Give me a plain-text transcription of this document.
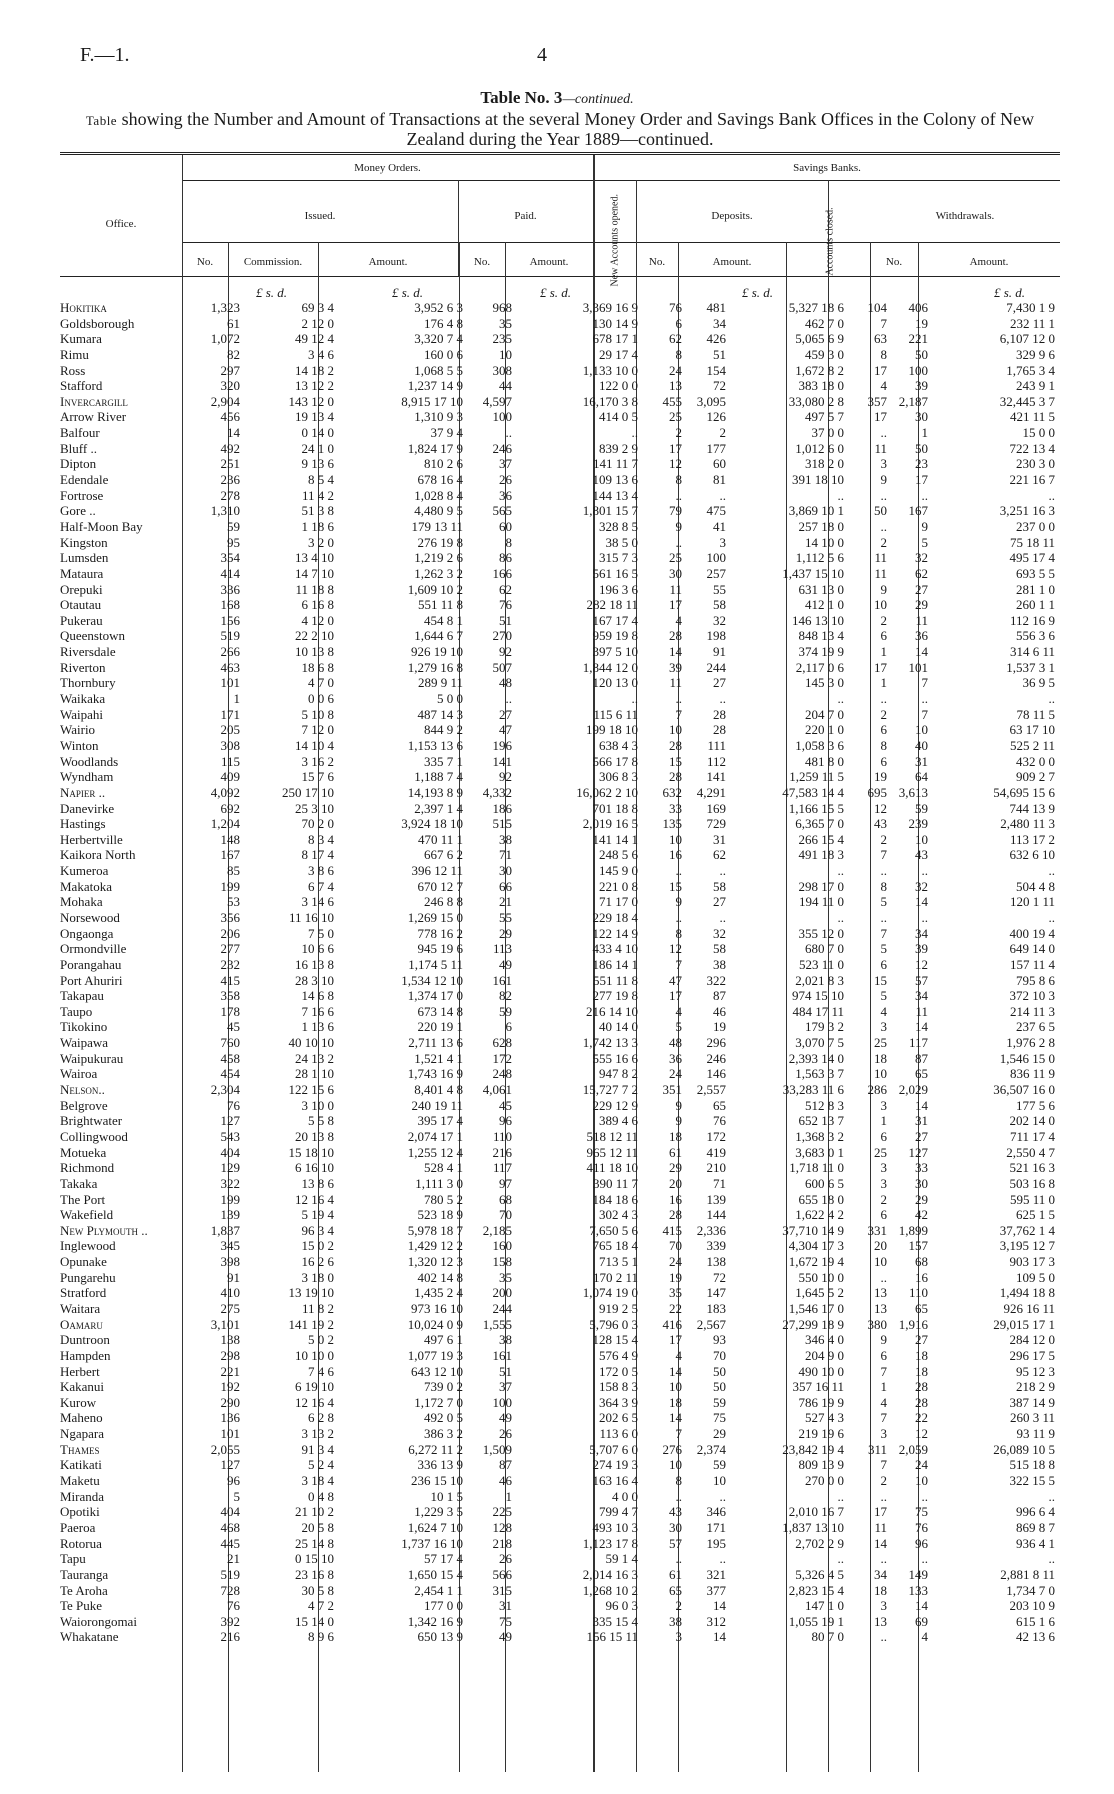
F.—1.	4
Table No. 3—continued.
Table showing the Number and Amount of Transactions at the several Money Order and Savings Bank Offices in the Colony of New Zealand during the Year 1889—continued.
Office.
Money Orders.	Savings Banks.
Issued.	Paid.	New Accounts opened.	Deposits.	Accounts closed.	Withdrawals.
No.	Commission.	Amount.	No.	Amount.	No.	Amount.	No.	Amount.
£ s. d.	£ s. d.	£ s. d.	£ s. d.	£ s. d.
Hokitika	1,323	69 3 4	3,952 6 3	968	3,369 16 9	76	481	5,327 18 6	104	406	7,430 1 9
Goldsborough	61	2 12 0	176 4 8	35	130 14 9	6	34	462 7 0	7	19	232 11 1
Kumara	1,072	49 12 4	3,320 7 4	235	678 17 1	62	426	5,065 6 9	63	221	6,107 12 0
Rimu	82	3 4 6	160 0 6	10	29 17 4	8	51	459 3 0	8	50	329 9 6
Ross	297	14 18 2	1,068 5 5	308	1,133 10 0	24	154	1,672 8 2	17	100	1,765 3 4
Stafford	320	13 12 2	1,237 14 9	44	122 0 0	13	72	383 18 0	4	39	243 9 1
Invercargill	2,904	143 12 0	8,915 17 10	4,597	16,170 3 8	455	3,095	33,080 2 8	357 2,187	32,445 3 7
Arrow River	456	19 13 4	1,310 9 3	100	414 0 5	25	126	497 5 7	17	30	421 11 5
Balfour	14	0 14 0	37 9 4	..	..	2	2	37 0 0	..	1	15 0 0
Bluff ..	492	24 1 0	1,824 17 9	246	839 2 9	17	177	1,012 6 0	11	50	722 13 4
Dipton	251	9 13 6	810 2 6	37	141 11 7	12	60	318 2 0	3	23	230 3 0
Edendale	236	8 5 4	678 16 4	26	109 13 6	8	81	391 18 10	9	17	221 16 7
Fortrose	278	11 4 2	1,028 8 4	36	144 13 4	..	..	..	..	..	..
Gore ..	1,310	51 3 8	4,480 9 5	565	1,801 15 7	79	475	3,869 10 1	50	167	3,251 16 3
Half-Moon Bay	59	1 18 6	179 13 11	60	328 8 5	9	41	257 18 0	..	9	237 0 0
Kingston	95	3 2 0	276 19 8	8	38 5 0	..	3	14 10 0	2	5	75 18 11
Lumsden	354	13 4 10	1,219 2 6	86	315 7 3	25	100	1,112 5 6	11	32	495 17 4
Mataura	414	14 7 10	1,262 3 2	166	561 16 5	30	257	1,437 15 10	11	62	693 5 5
Orepuki	336	11 18 8	1,609 10 2	62	196 3 6	11	55	631 13 0	9	27	281 1 0
Otautau	168	6 16 8	551 11 8	76	282 18 11	17	58	412 1 0	10	29	260 1 1
Pukerau	156	4 12 0	454 8 1	51	167 17 4	4	32	146 13 10	2	11	112 16 9
Queenstown	519	22 2 10	1,644 6 7	270	959 19 8	28	198	848 13 4	6	36	556 3 6
Riversdale	266	10 13 8	926 19 10	92	397 5 10	14	91	374 19 9	1	14	314 6 11
Riverton	463	18 6 8	1,279 16 8	507	1,844 12 0	39	244	2,117 0 6	17	101	1,537 3 1
Thornbury	101	4 7 0	289 9 11	48	120 13 0	11	27	145 3 0	1	7	36 9 5
Waikaka	1	0 0 6	5 0 0	..	..	..	..	..	..	..	..
Waipahi	171	5 10 8	487 14 3	27	115 6 11	7	28	204 7 0	2	7	78 11 5
Wairio	205	7 12 0	844 9 2	47	199 18 10	10	28	220 1 0	6	10	63 17 10
Winton	308	14 10 4	1,153 13 6	196	638 4 3	28	111	1,058 3 6	8	40	525 2 11
Woodlands	115	3 16 2	335 7 1	141	566 17 8	15	112	481 8 0	6	31	432 0 0
Wyndham	409	15 7 6	1,188 7 4	92	306 8 3	28	141	1,259 11 5	19	64	909 2 7
Napier ..	4,092	250 17 10	14,193 8 9	4,332	16,062 2 10	632	4,291	47,583 14 4	695 3,613	54,695 15 6
Danevirke	692	25 3 10	2,397 1 4	186	701 18 8	33	169	1,166 15 5	12	59	744 13 9
Hastings	1,204	70 2 0	3,924 18 10	515	2,019 16 5	135	729	6,365 7 0	43	239	2,480 11 3
Herbertville	148	8 3 4	470 11 1	38	141 14 1	10	31	266 15 4	2	10	113 17 2
Kaikora North	167	8 17 4	667 6 2	71	248 5 6	16	62	491 18 3	7	43	632 6 10
Kumeroa	85	3 8 6	396 12 11	30	145 9 0	..	..	..	..	..	..
Makatoka	199	6 7 4	670 12 7	66	221 0 8	15	58	298 17 0	8	32	504 4 8
Mohaka	53	3 14 6	246 8 8	21	71 17 0	9	27	194 11 0	5	14	120 1 11
Norsewood	356	11 16 10	1,269 15 0	55	229 18 4	..	..	..	..	..	..
Ongaonga	206	7 5 0	778 16 2	29	122 14 9	8	32	355 12 0	7	34	400 19 4
Ormondville	277	10 6 6	945 19 6	113	433 4 10	12	58	680 7 0	5	39	649 14 0
Porangahau	232	16 13 8	1,174 5 11	49	186 14 1	7	38	523 11 0	6	12	157 11 4
Port Ahuriri	415	28 3 10	1,534 12 10	161	551 11 8	47	322	2,021 8 3	15	57	795 8 6
Takapau	358	14 6 8	1,374 17 0	82	277 19 8	17	87	974 15 10	5	34	372 10 3
Taupo	178	7 16 6	673 14 8	59	216 14 10	4	46	484 17 11	4	11	214 11 3
Tikokino	45	1 13 6	220 19 1	6	40 14 0	5	19	179 3 2	3	14	237 6 5
Waipawa	760	40 10 10	2,711 13 6	628	1,742 13 3	48	296	3,070 7 5	25	117	1,976 2 8
Waipukurau	458	24 13 2	1,521 4 1	172	555 16 6	36	246	2,393 14 0	18	87	1,546 15 0
Wairoa	454	28 1 10	1,743 16 9	248	947 8 2	24	146	1,563 3 7	10	65	836 11 9
Nelson..	2,304	122 15 6	8,401 4 8	4,061	15,727 7 2	351	2,557	33,283 11 6	286 2,029	36,507 16 0
Belgrove	76	3 10 0	240 19 11	45	229 12 9	9	65	512 8 3	3	14	177 5 6
Brightwater	127	5 5 8	395 17 4	96	389 4 6	9	76	652 13 7	1	31	202 14 0
Collingwood	543	20 13 8	2,074 17 1	110	518 12 11	18	172	1,368 3 2	6	27	711 17 4
Motueka	404	15 18 10	1,255 12 4	216	965 12 11	61	419	3,683 0 1	25	127	2,550 4 7
Richmond	129	6 16 10	528 4 1	117	411 18 10	29	210	1,718 11 0	3	33	521 16 3
Takaka	322	13 8 6	1,111 3 0	97	390 11 7	20	71	600 6 5	3	30	503 16 8
The Port	199	12 16 4	780 5 2	68	184 18 6	16	139	655 18 0	2	29	595 11 0
Wakefield	139	5 19 4	523 18 9	70	302 4 3	28	144	1,622 4 2	6	42	625 1 5
New Plymouth ..	1,837	96 3 4	5,978 18 7	2,185	7,650 5 6	415	2,336	37,710 14 9	331 1,899	37,762 1 4
Inglewood	345	15 0 2	1,429 12 2	160	765 18 4	70	339	4,304 17 3	20	157	3,195 12 7
Opunake	398	16 2 6	1,320 12 3	158	713 5 1	24	138	1,672 19 4	10	68	903 17 3
Pungarehu	91	3 18 0	402 14 8	35	170 2 11	19	72	550 10 0	..	16	109 5 0
Stratford	410	13 19 10	1,435 2 4	200	1,074 19 0	35	147	1,645 5 2	13	110	1,494 18 8
Waitara	275	11 8 2	973 16 10	244	919 2 5	22	183	1,546 17 0	13	65	926 16 11
Oamaru	3,101	141 19 2	10,024 0 9	1,555	5,796 0 3	416	2,567	27,299 18 9	380 1,916	29,015 17 1
Duntroon	138	5 0 2	497 6 1	38	128 15 4	17	93	346 4 0	9	27	284 12 0
Hampden	298	10 10 0	1,077 19 3	161	576 4 9	4	70	204 9 0	6	18	296 17 5
Herbert	221	7 4 6	643 12 10	51	172 0 5	14	50	490 10 0	7	18	95 12 3
Kakanui	192	6 19 10	739 0 2	37	158 8 3	10	50	357 16 11	1	28	218 2 9
Kurow	290	12 16 4	1,172 7 0	100	364 3 9	18	59	786 19 9	4	28	387 14 9
Maheno	136	6 2 8	492 0 5	49	202 6 5	14	75	527 4 3	7	22	260 3 11
Ngapara	101	3 13 2	386 3 2	26	113 6 0	7	29	219 19 6	3	12	93 11 9
Thames	2,055	91 3 4	6,272 11 2	1,509	5,707 6 0	276	2,374	23,842 19 4	311 2,059	26,089 10 5
Katikati	127	5 2 4	336 13 9	87	274 19 3	10	59	809 13 9	7	24	515 18 8
Maketu	96	3 18 4	236 15 10	46	163 16 4	8	10	270 0 0	2	10	322 15 5
Miranda	5	0 4 8	10 1 5	1	4 0 0	..	..	..	..	..	..
Opotiki	404	21 10 2	1,229 3 5	225	799 4 7	43	346	2,010 16 7	17	75	996 6 4
Paeroa	468	20 5 8	1,624 7 10	128	493 10 3	30	171	1,837 13 10	11	76	869 8 7
Rotorua	445	25 14 8	1,737 16 10	218	1,123 17 8	57	195	2,702 2 9	14	96	936 4 1
Tapu	21	0 15 10	57 17 4	26	59 1 4	..	..	..	..	..	..
Tauranga	519	23 16 8	1,650 15 4	566	2,014 16 3	61	321	5,326 4 5	34	149	2,881 8 11
Te Aroha	728	30 5 8	2,454 1 1	315	1,268 10 2	65	377	2,823 15 4	18	133	1,734 7 0
Te Puke	76	4 7 2	177 0 0	31	96 0 3	2	14	147 1 0	3	14	203 10 9
Waiorongomai	392	15 14 0	1,342 16 9	75	335 15 4	38	312	1,055 19 1	13	69	615 1 6
Whakatane	216	8 9 6	650 13 9	49	156 15 11	3	14	80 7 0	..	4	42 13 6
